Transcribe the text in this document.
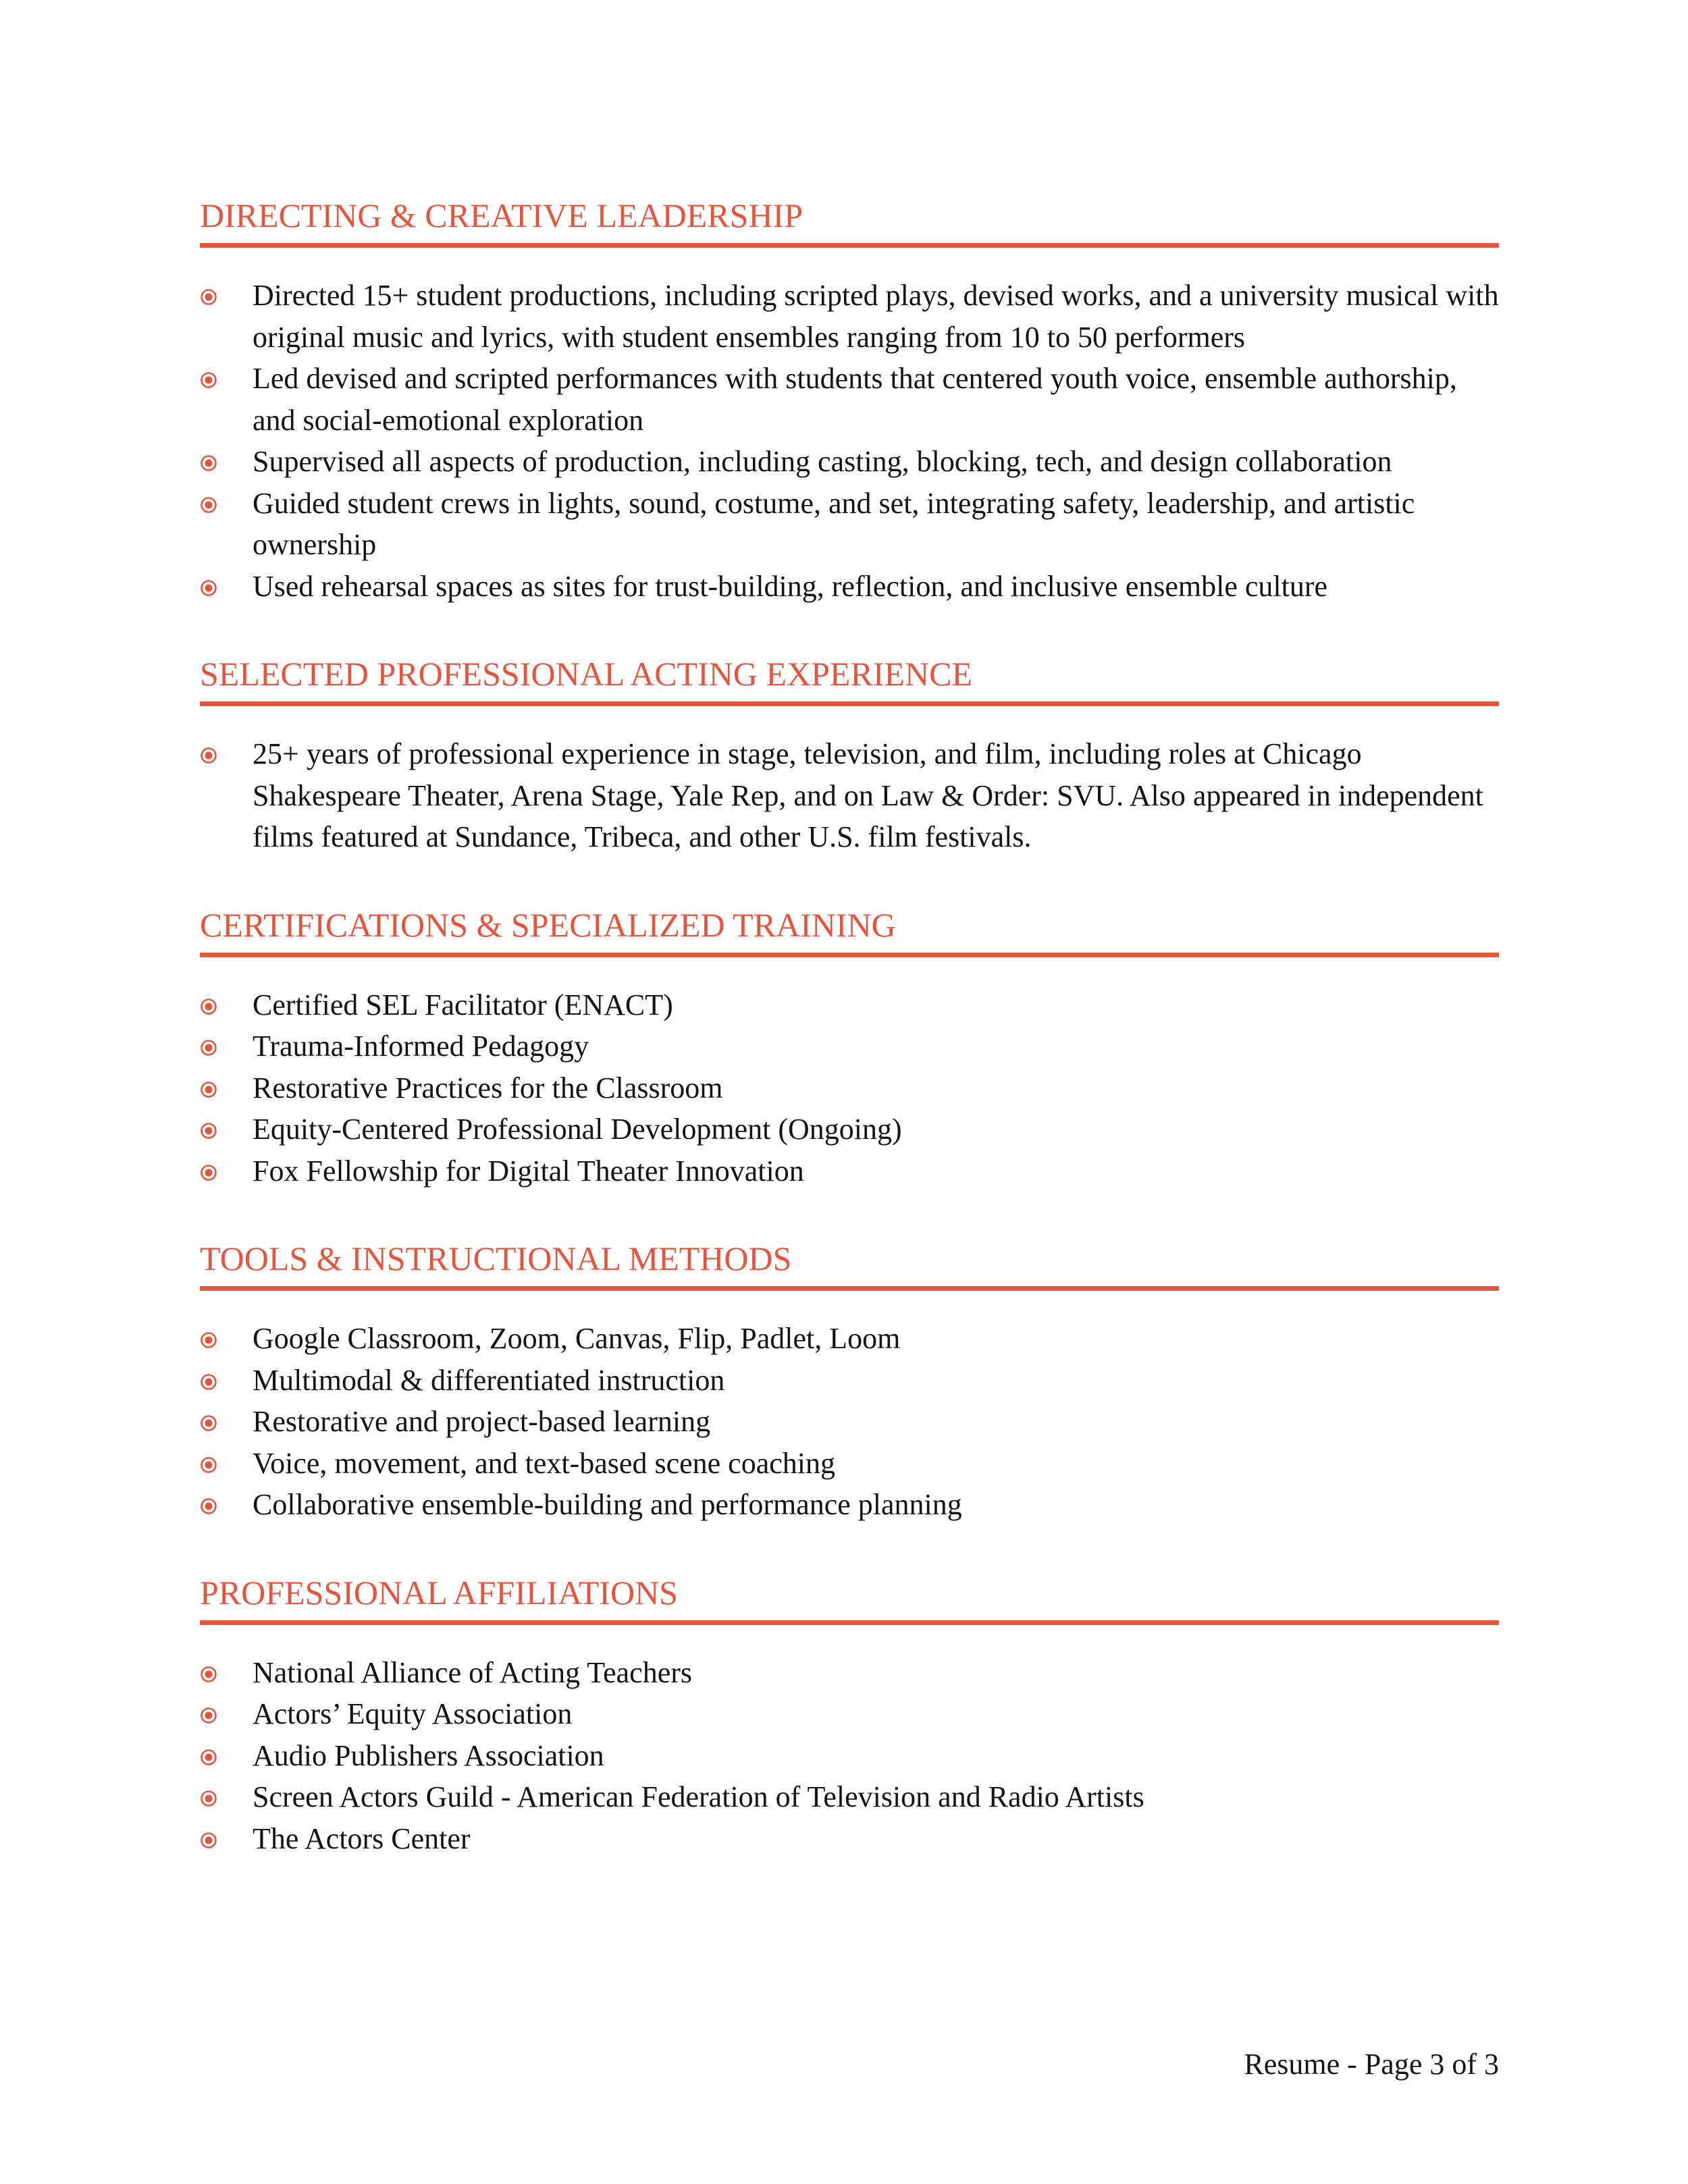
DIRECTING & CREATIVE LEADERSHIP
Directed 15+ student productions, including scripted plays, devised works, and a university musical with original music and lyrics, with student ensembles ranging from 10 to 50 performers
Led devised and scripted performances with students that centered youth voice, ensemble authorship, and social-emotional exploration
Supervised all aspects of production, including casting, blocking, tech, and design collaboration
Guided student crews in lights, sound, costume, and set, integrating safety, leadership, and artistic ownership
Used rehearsal spaces as sites for trust-building, reflection, and inclusive ensemble culture
SELECTED PROFESSIONAL ACTING EXPERIENCE
25+ years of professional experience in stage, television, and film, including roles at Chicago Shakespeare Theater, Arena Stage, Yale Rep, and on Law & Order: SVU. Also appeared in independent films featured at Sundance, Tribeca, and other U.S. film festivals.
CERTIFICATIONS & SPECIALIZED TRAINING
Certified SEL Facilitator (ENACT)
Trauma-Informed Pedagogy
Restorative Practices for the Classroom
Equity-Centered Professional Development (Ongoing)
Fox Fellowship for Digital Theater Innovation
TOOLS & INSTRUCTIONAL METHODS
Google Classroom, Zoom, Canvas, Flip, Padlet, Loom
Multimodal & differentiated instruction
Restorative and project-based learning
Voice, movement, and text-based scene coaching
Collaborative ensemble-building and performance planning
PROFESSIONAL AFFILIATIONS
National Alliance of Acting Teachers
Actors’ Equity Association
Audio Publishers Association
Screen Actors Guild - American Federation of Television and Radio Artists
The Actors Center
Resume - Page 3 of 3
